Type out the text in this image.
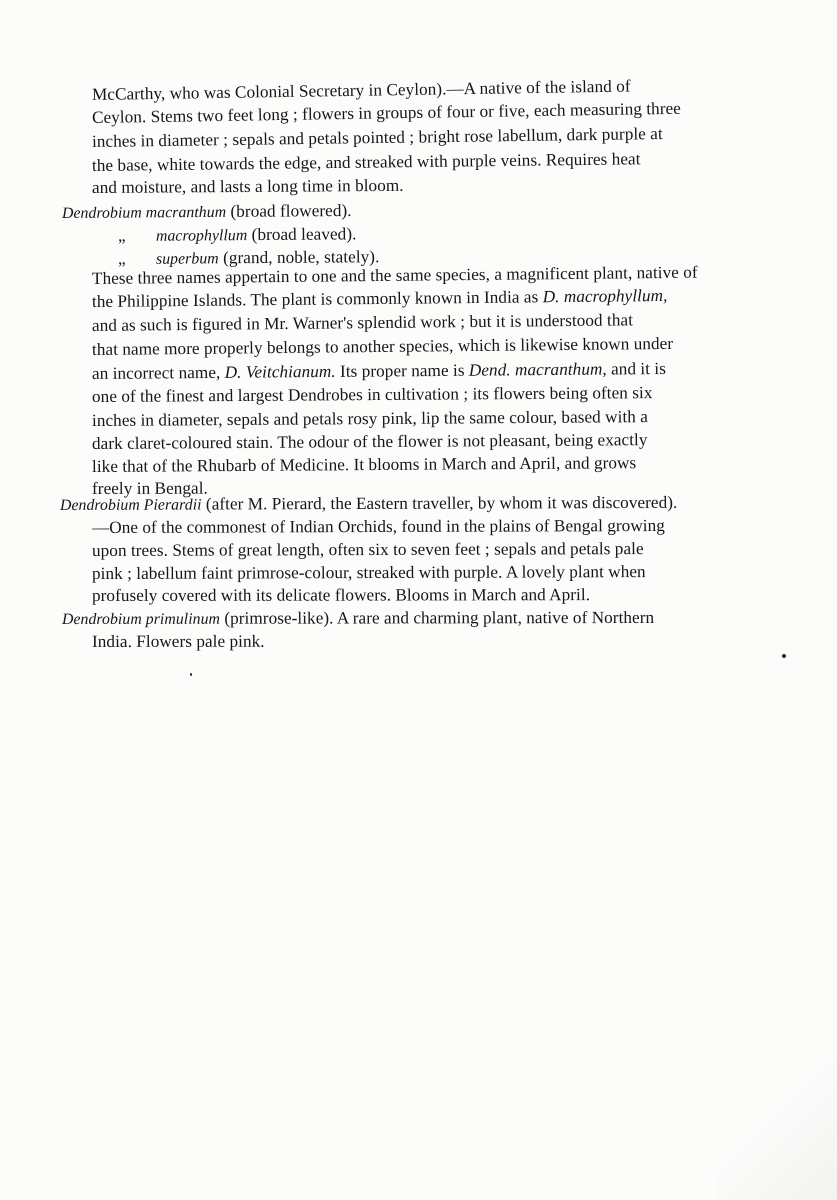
McCarthy, who was Colonial Secretary in Ceylon).—A native of the island of
Ceylon. Stems two feet long ; flowers in groups of four or five, each measuring three
inches in diameter ; sepals and petals pointed ; bright rose labellum, dark purple at
the base, white towards the edge, and streaked with purple veins. Requires heat
and moisture, and lasts a long time in bloom.
Dendrobium macranthum (broad flowered).
„ macrophyllum (broad leaved).
„ superbum (grand, noble, stately).
These three names appertain to one and the same species, a magnificent plant, native of
the Philippine Islands. The plant is commonly known in India as D. macrophyllum,
and as such is figured in Mr. Warner's splendid work ; but it is understood that
that name more properly belongs to another species, which is likewise known under
an incorrect name, D. Veitchianum. Its proper name is Dend. macranthum, and it is
one of the finest and largest Dendrobes in cultivation ; its flowers being often six
inches in diameter, sepals and petals rosy pink, lip the same colour, based with a
dark claret-coloured stain. The odour of the flower is not pleasant, being exactly
like that of the Rhubarb of Medicine. It blooms in March and April, and grows
freely in Bengal.
Dendrobium Pierardii (after M. Pierard, the Eastern traveller, by whom it was discovered).
—One of the commonest of Indian Orchids, found in the plains of Bengal growing
upon trees. Stems of great length, often six to seven feet ; sepals and petals pale
pink ; labellum faint primrose-colour, streaked with purple. A lovely plant when
profusely covered with its delicate flowers. Blooms in March and April.
Dendrobium primulinum (primrose-like). A rare and charming plant, native of Northern
India. Flowers pale pink.
